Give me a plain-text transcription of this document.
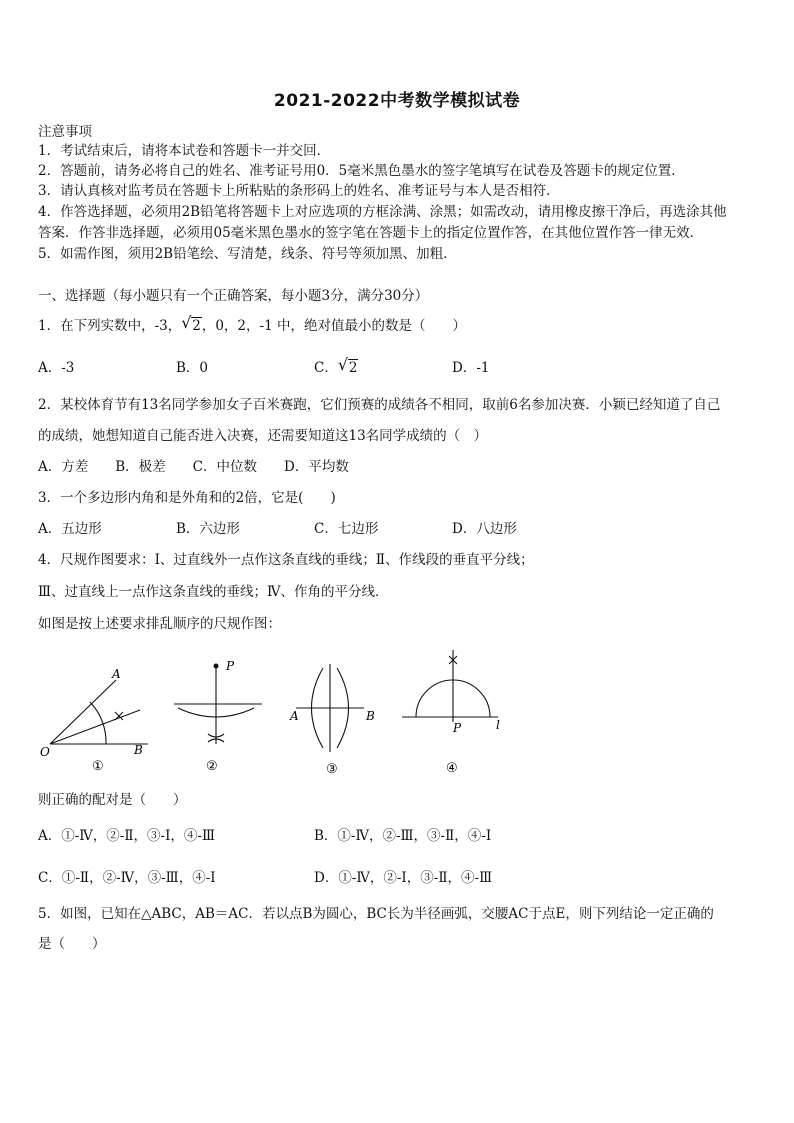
2021-2022中考数学模拟试卷
注意事项
1．考试结束后，请将本试卷和答题卡一并交回．
2．答题前，请务必将自己的姓名、准考证号用0．5毫米黑色墨水的签字笔填写在试卷及答题卡的规定位置．
3．请认真核对监考员在答题卡上所粘贴的条形码上的姓名、准考证号与本人是否相符．
4．作答选择题，必须用2B铅笔将答题卡上对应选项的方框涂满、涂黑；如需改动，请用橡皮擦干净后，再选涂其他
答案．作答非选择题，必须用05毫米黑色墨水的签字笔在答题卡上的指定位置作答，在其他位置作答一律无效．
5．如需作图，须用2B铅笔绘、写清楚，线条、符号等须加黑、加粗．
一、选择题（每小题只有一个正确答案，每小题3分，满分30分）
1．在下列实数中，-3， √ 2，0，2，-1 中，绝对值最小的数是（　　）
A．-3	B．0	C． √ 2	D．-1
2．某校体育节有13名同学参加女子百米赛跑，它们预赛的成绩各不相同，取前6名参加决赛．小颖已经知道了自己
的成绩，她想知道自己能否进入决赛，还需要知道这13名同学成绩的（　）
A．方差　　B．极差　　C．中位数　　D．平均数
3．一个多边形内角和是外角和的2倍，它是(　　)
A．五边形	B．六边形	C．七边形	D．八边形
4．尺规作图要求：Ⅰ、过直线外一点作这条直线的垂线；Ⅱ、作线段的垂直平分线；
Ⅲ、过直线上一点作这条直线的垂线；Ⅳ、作角的平分线．
如图是按上述要求排乱顺序的尺规作图：
A
O	B
①
P
②
A	B
③
P	l
④
则正确的配对是（　　）
A．①-Ⅳ，②-Ⅱ，③-Ⅰ，④-Ⅲ	B．①-Ⅳ，②-Ⅲ，③-Ⅱ，④-Ⅰ
C．①-Ⅱ，②-Ⅳ，③-Ⅲ，④-Ⅰ	D．①-Ⅳ，②-Ⅰ，③-Ⅱ，④-Ⅲ
5．如图，已知在△ABC，AB＝AC．若以点B为圆心，BC长为半径画弧，交腰AC于点E，则下列结论一定正确的
是（　　）
